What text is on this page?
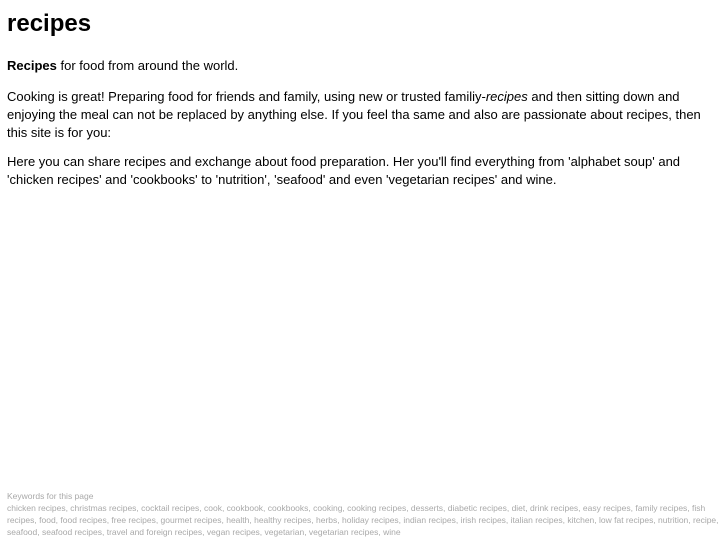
recipes

Recipes for food from around the world.

Cooking is great! Preparing food for friends and family, using new or trusted familiy-recipes and then sitting down and enjoying the meal can not be replaced by anything else. If you feel tha same and also are passionate about recipes, then this site is for you:

Here you can share recipes and exchange about food preparation. Her you'll find everything from 'alphabet soup' and 'chicken recipes' and 'cookbooks' to 'nutrition', 'seafood' and even 'vegetarian recipes' and wine.

Keywords for this page
chicken recipes, christmas recipes, cocktail recipes, cook, cookbook, cookbooks, cooking, cooking recipes, desserts, diabetic recipes, diet, drink recipes, easy recipes, family recipes, fish recipes, food, food recipes, free recipes, gourmet recipes, health, healthy recipes, herbs, holiday recipes, indian recipes, irish recipes, italian recipes, kitchen, low fat recipes, nutrition, recipe, seafood, seafood recipes, travel and foreign recipes, vegan recipes, vegetarian, vegetarian recipes, wine
